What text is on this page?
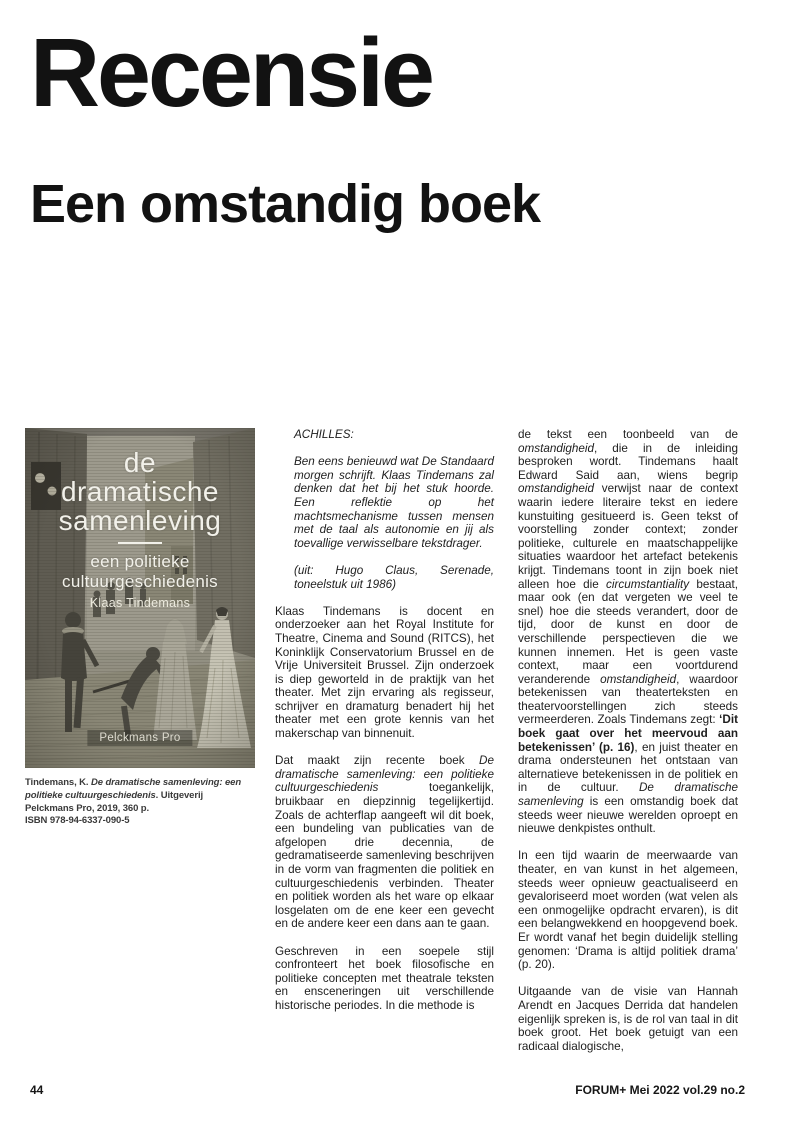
Recensie
Een omstandig boek
de
dramatische
samenleving
een politieke
cultuurgeschiedenis
Klaas Tindemans
Pelckmans Pro

Tindemans, K. De dramatische samenleving: een politieke cultuurgeschiedenis. Uitgeverij Pelckmans Pro, 2019, 360 p.

ISBN 978-94-6337-090-5

ACHILLES:

Ben eens benieuwd wat De Standaard morgen schrijft. Klaas Tindemans zal denken dat het bij het stuk hoorde. Een reflektie op het machtsmechanisme tussen mensen met de taal als autonomie en jij als toevallige verwisselbare tekstdrager.

(uit: Hugo Claus, Serenade, toneelstuk uit 1986)

Klaas Tindemans is docent en onderzoeker aan het Royal Institute for Theatre, Cinema and Sound (RITCS), het Koninklijk Conservatorium Brussel en de Vrije Universiteit Brussel. Zijn onderzoek is diep geworteld in de praktijk van het theater. Met zijn ervaring als regisseur, schrijver en dramaturg benadert hij het theater met een grote kennis van het makerschap van binnenuit.

Dat maakt zijn recente boek De dramatische samenleving: een politieke cultuurgeschiedenis toegankelijk, bruikbaar en diepzinnig tegelijkertijd. Zoals de achterflap aangeeft wil dit boek, een bundeling van publicaties van de afgelopen drie decennia, de gedramatiseerde samenleving beschrijven in de vorm van fragmenten die politiek en cultuurgeschiedenis verbinden. Theater en politiek worden als het ware op elkaar losgelaten om de ene keer een gevecht en de andere keer een dans aan te gaan.

Geschreven in een soepele stijl confronteert het boek filosofische en politieke concepten met theatrale teksten en ensceneringen uit verschillende historische periodes. In die methode is

de tekst een toonbeeld van de omstandigheid, die in de inleiding besproken wordt. Tindemans haalt Edward Said aan, wiens begrip omstandigheid verwijst naar de context waarin iedere literaire tekst en iedere kunstuiting gesitueerd is. Geen tekst of voorstelling zonder context; zonder politieke, culturele en maatschappelijke situaties waardoor het artefact betekenis krijgt. Tindemans toont in zijn boek niet alleen hoe die circumstantiality bestaat, maar ook (en dat vergeten we veel te snel) hoe die steeds verandert, door de tijd, door de kunst en door de verschillende perspectieven die we kunnen innemen. Het is geen vaste context, maar een voortdurend veranderende omstandigheid, waardoor betekenissen van theaterteksten en theatervoorstellingen zich steeds vermeerderen. Zoals Tindemans zegt: ‘Dit boek gaat over het meervoud aan betekenissen’ (p. 16), en juist theater en drama ondersteunen het ontstaan van alternatieve betekenissen in de politiek en in de cultuur. De dramatische samenleving is een omstandig boek dat steeds weer nieuwe werelden oproept en nieuwe denkpistes onthult.

In een tijd waarin de meerwaarde van theater, en van kunst in het algemeen, steeds weer opnieuw geactualiseerd en gevaloriseerd moet worden (wat velen als een onmogelijke opdracht ervaren), is dit een belangwekkend en hoopgevend boek. Er wordt vanaf het begin duidelijk stelling genomen: ‘Drama is altijd politiek drama’ (p. 20).

Uitgaande van de visie van Hannah Arendt en Jacques Derrida dat handelen eigenlijk spreken is, is de rol van taal in dit boek groot. Het boek getuigt van een radicaal dialogische,

44	FORUM+ Mei 2022 vol.29 no.2
